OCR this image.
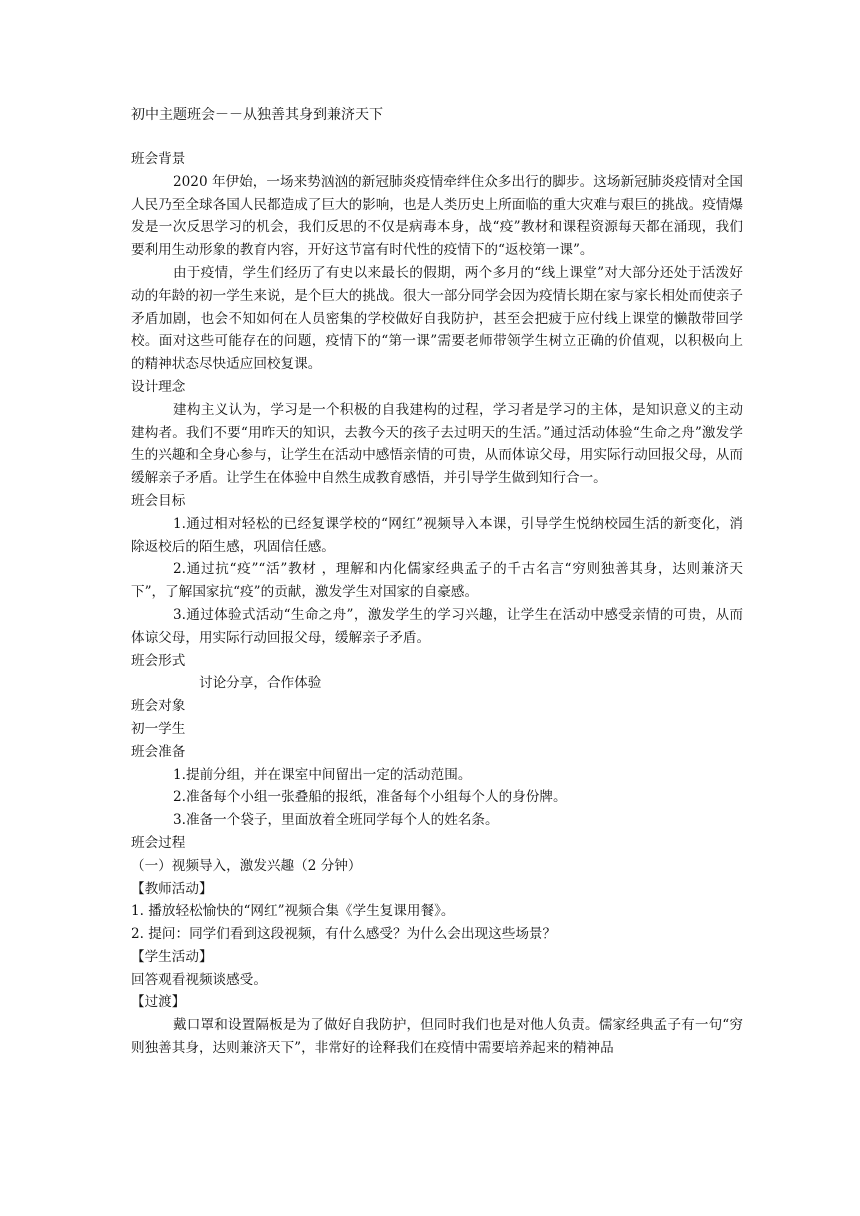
初中主题班会－－从独善其身到兼济天下

班会背景

2020 年伊始，一场来势汹汹的新冠肺炎疫情牵绊住众多出行的脚步。这场新冠肺炎疫情对全国人民乃至全球各国人民都造成了巨大的影响，也是人类历史上所面临的重大灾难与艰巨的挑战。疫情爆发是一次反思学习的机会，我们反思的不仅是病毒本身，战“疫”教材和课程资源每天都在涌现，我们要利用生动形象的教育内容，开好这节富有时代性的疫情下的“返校第一课”。

由于疫情，学生们经历了有史以来最长的假期，两个多月的“线上课堂”对大部分还处于活泼好动的年龄的初一学生来说，是个巨大的挑战。很大一部分同学会因为疫情长期在家与家长相处而使亲子矛盾加剧，也会不知如何在人员密集的学校做好自我防护，甚至会把疲于应付线上课堂的懒散带回学校。面对这些可能存在的问题，疫情下的“第一课”需要老师带领学生树立正确的价值观，以积极向上的精神状态尽快适应回校复课。

设计理念

建构主义认为，学习是一个积极的自我建构的过程，学习者是学习的主体，是知识意义的主动建构者。我们不要“用昨天的知识，去教今天的孩子去过明天的生活。”通过活动体验“生命之舟”激发学生的兴趣和全身心参与，让学生在活动中感悟亲情的可贵，从而体谅父母，用实际行动回报父母，从而缓解亲子矛盾。让学生在体验中自然生成教育感悟，并引导学生做到知行合一。

班会目标

1.通过相对轻松的已经复课学校的“网红”视频导入本课，引导学生悦纳校园生活的新变化，消除返校后的陌生感，巩固信任感。

2.通过抗“疫”“活”教材 ，理解和内化儒家经典孟子的千古名言“穷则独善其身，达则兼济天下”，了解国家抗“疫”的贡献，激发学生对国家的自豪感。

3.通过体验式活动“生命之舟”，激发学生的学习兴趣，让学生在活动中感受亲情的可贵，从而体谅父母，用实际行动回报父母，缓解亲子矛盾。

班会形式

讨论分享，合作体验

班会对象

初一学生

班会准备

1.提前分组，并在课室中间留出一定的活动范围。

2.准备每个小组一张叠船的报纸，准备每个小组每个人的身份牌。

3.准备一个袋子，里面放着全班同学每个人的姓名条。

班会过程

（一）视频导入，激发兴趣（2 分钟）

【教师活动】

1. 播放轻松愉快的“网红”视频合集《学生复课用餐》。

2. 提问：同学们看到这段视频，有什么感受？为什么会出现这些场景？

【学生活动】

回答观看视频谈感受。

【过渡】

戴口罩和设置隔板是为了做好自我防护，但同时我们也是对他人负责。儒家经典孟子有一句“穷则独善其身，达则兼济天下”，非常好的诠释我们在疫情中需要培养起来的精神品
